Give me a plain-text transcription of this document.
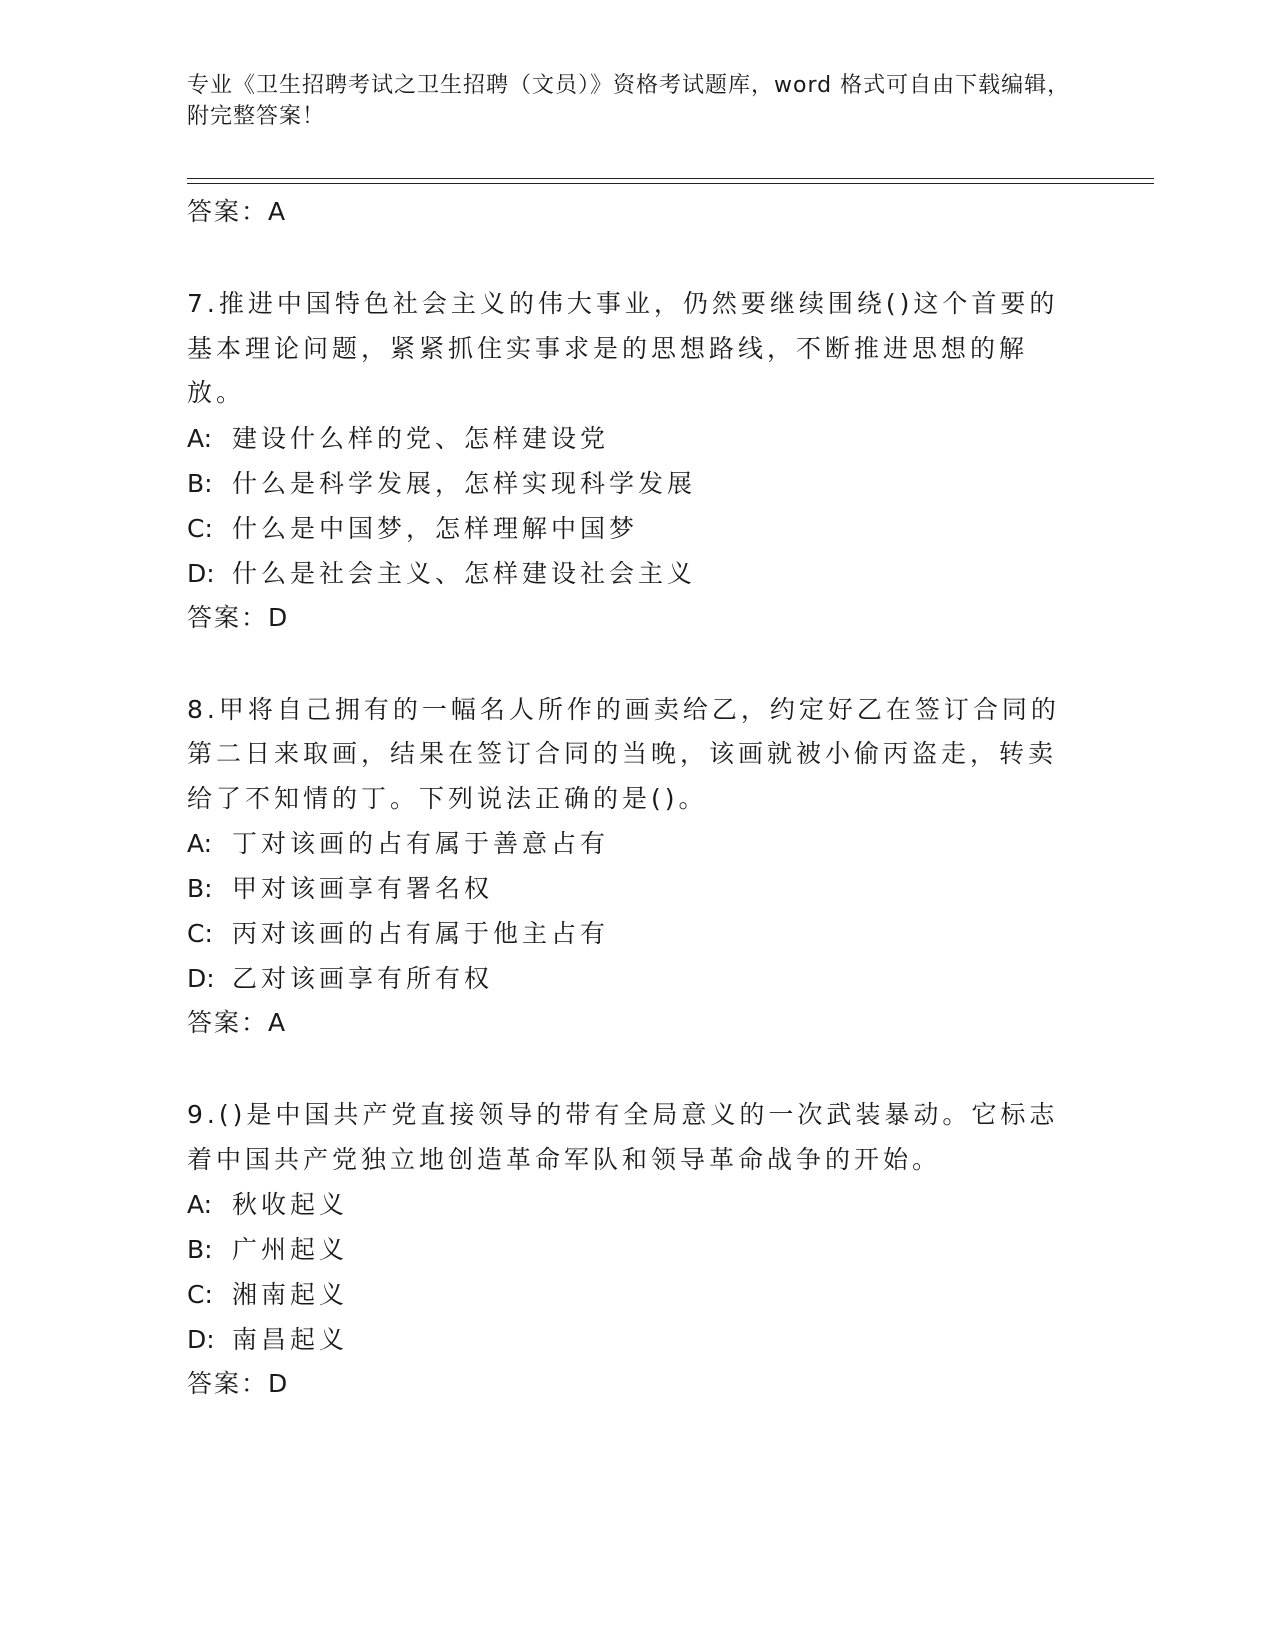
专业《卫生招聘考试之卫生招聘（文员）》资格考试题库，word 格式可自由下载编辑，附完整答案！
答案：A
7.推进中国特色社会主义的伟大事业，仍然要继续围绕()这个首要的基本理论问题，紧紧抓住实事求是的思想路线，不断推进思想的解放。
A: 建设什么样的党、怎样建设党
B: 什么是科学发展，怎样实现科学发展
C: 什么是中国梦，怎样理解中国梦
D: 什么是社会主义、怎样建设社会主义
答案：D
8.甲将自己拥有的一幅名人所作的画卖给乙，约定好乙在签订合同的第二日来取画，结果在签订合同的当晚，该画就被小偷丙盗走，转卖给了不知情的丁。下列说法正确的是()。
A: 丁对该画的占有属于善意占有
B: 甲对该画享有署名权
C: 丙对该画的占有属于他主占有
D: 乙对该画享有所有权
答案：A
9.()是中国共产党直接领导的带有全局意义的一次武装暴动。它标志着中国共产党独立地创造革命军队和领导革命战争的开始。
A: 秋收起义
B: 广州起义
C: 湘南起义
D: 南昌起义
答案：D
